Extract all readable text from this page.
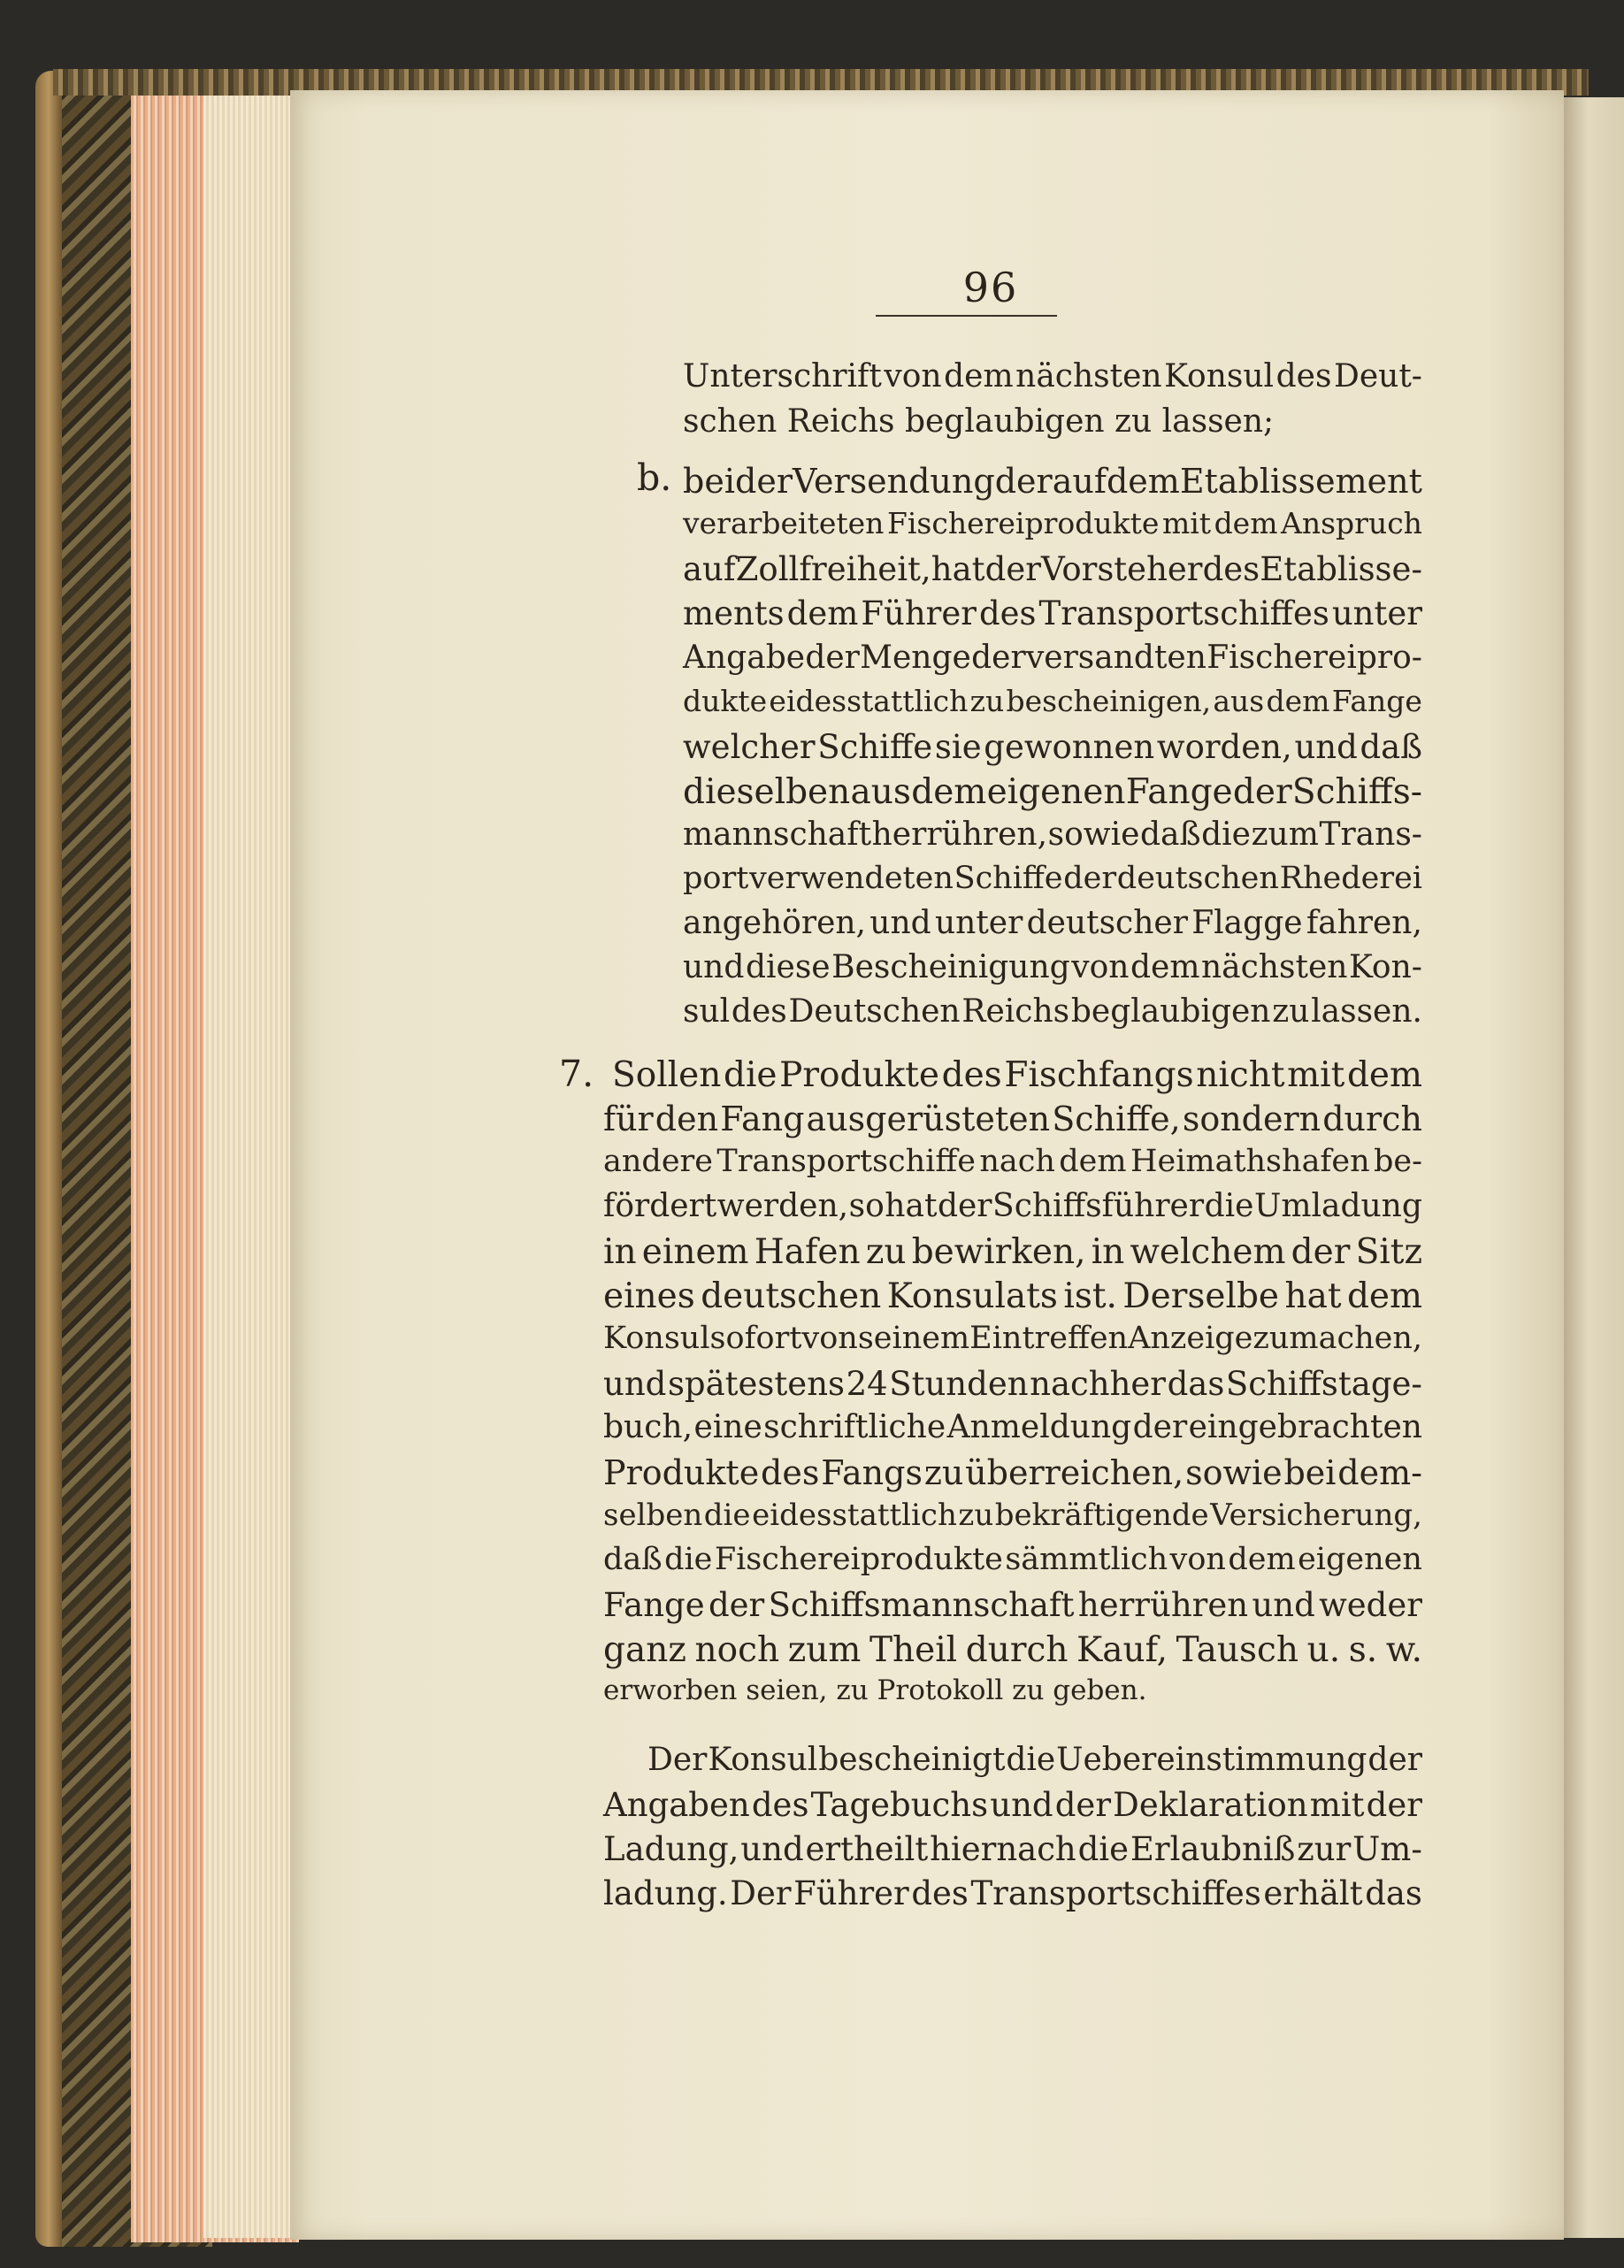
96
Unterschrift von dem nächsten Konsul des Deut-
schen Reichs beglaubigen zu lassen;
b. bei der Versendung der auf dem Etablissement
verarbeiteten Fischereiprodukte mit dem Anspruch
auf Zollfreiheit, hat der Vorsteher des Etablisse-
ments dem Führer des Transportschiffes unter
Angabe der Menge der versandten Fischereipro-
dukte eidesstattlich zu bescheinigen, aus dem Fange
welcher Schiffe sie gewonnen worden, und daß
dieselben aus dem eigenen Fange der Schiffs-
mannschaft herrühren, sowie daß die zum Trans-
port verwendeten Schiffe der deutschen Rhederei
angehören, und unter deutscher Flagge fahren,
und diese Bescheinigung von dem nächsten Kon-
sul des Deutschen Reichs beglaubigen zu lassen.
7. Sollen die Produkte des Fischfangs nicht mit dem
für den Fang ausgerüsteten Schiffe, sondern durch
andere Transportschiffe nach dem Heimathshafen be-
fördert werden, so hat der Schiffsführer die Umladung
in einem Hafen zu bewirken, in welchem der Sitz
eines deutschen Konsulats ist. Derselbe hat dem
Konsul sofort von seinem Eintreffen Anzeige zu machen,
und spätestens 24 Stunden nachher das Schiffstage-
buch, eine schriftliche Anmeldung der eingebrachten
Produkte des Fangs zu überreichen, sowie bei dem-
selben die eidesstattlich zu bekräftigende Versicherung,
daß die Fischereiprodukte sämmtlich von dem eigenen
Fange der Schiffsmannschaft herrühren und weder
ganz noch zum Theil durch Kauf, Tausch u. s. w.
erworben seien, zu Protokoll zu geben.
Der Konsul bescheinigt die Uebereinstimmung der
Angaben des Tagebuchs und der Deklaration mit der
Ladung, und ertheilt hiernach die Erlaubniß zur Um-
ladung. Der Führer des Transportschiffes erhält das
